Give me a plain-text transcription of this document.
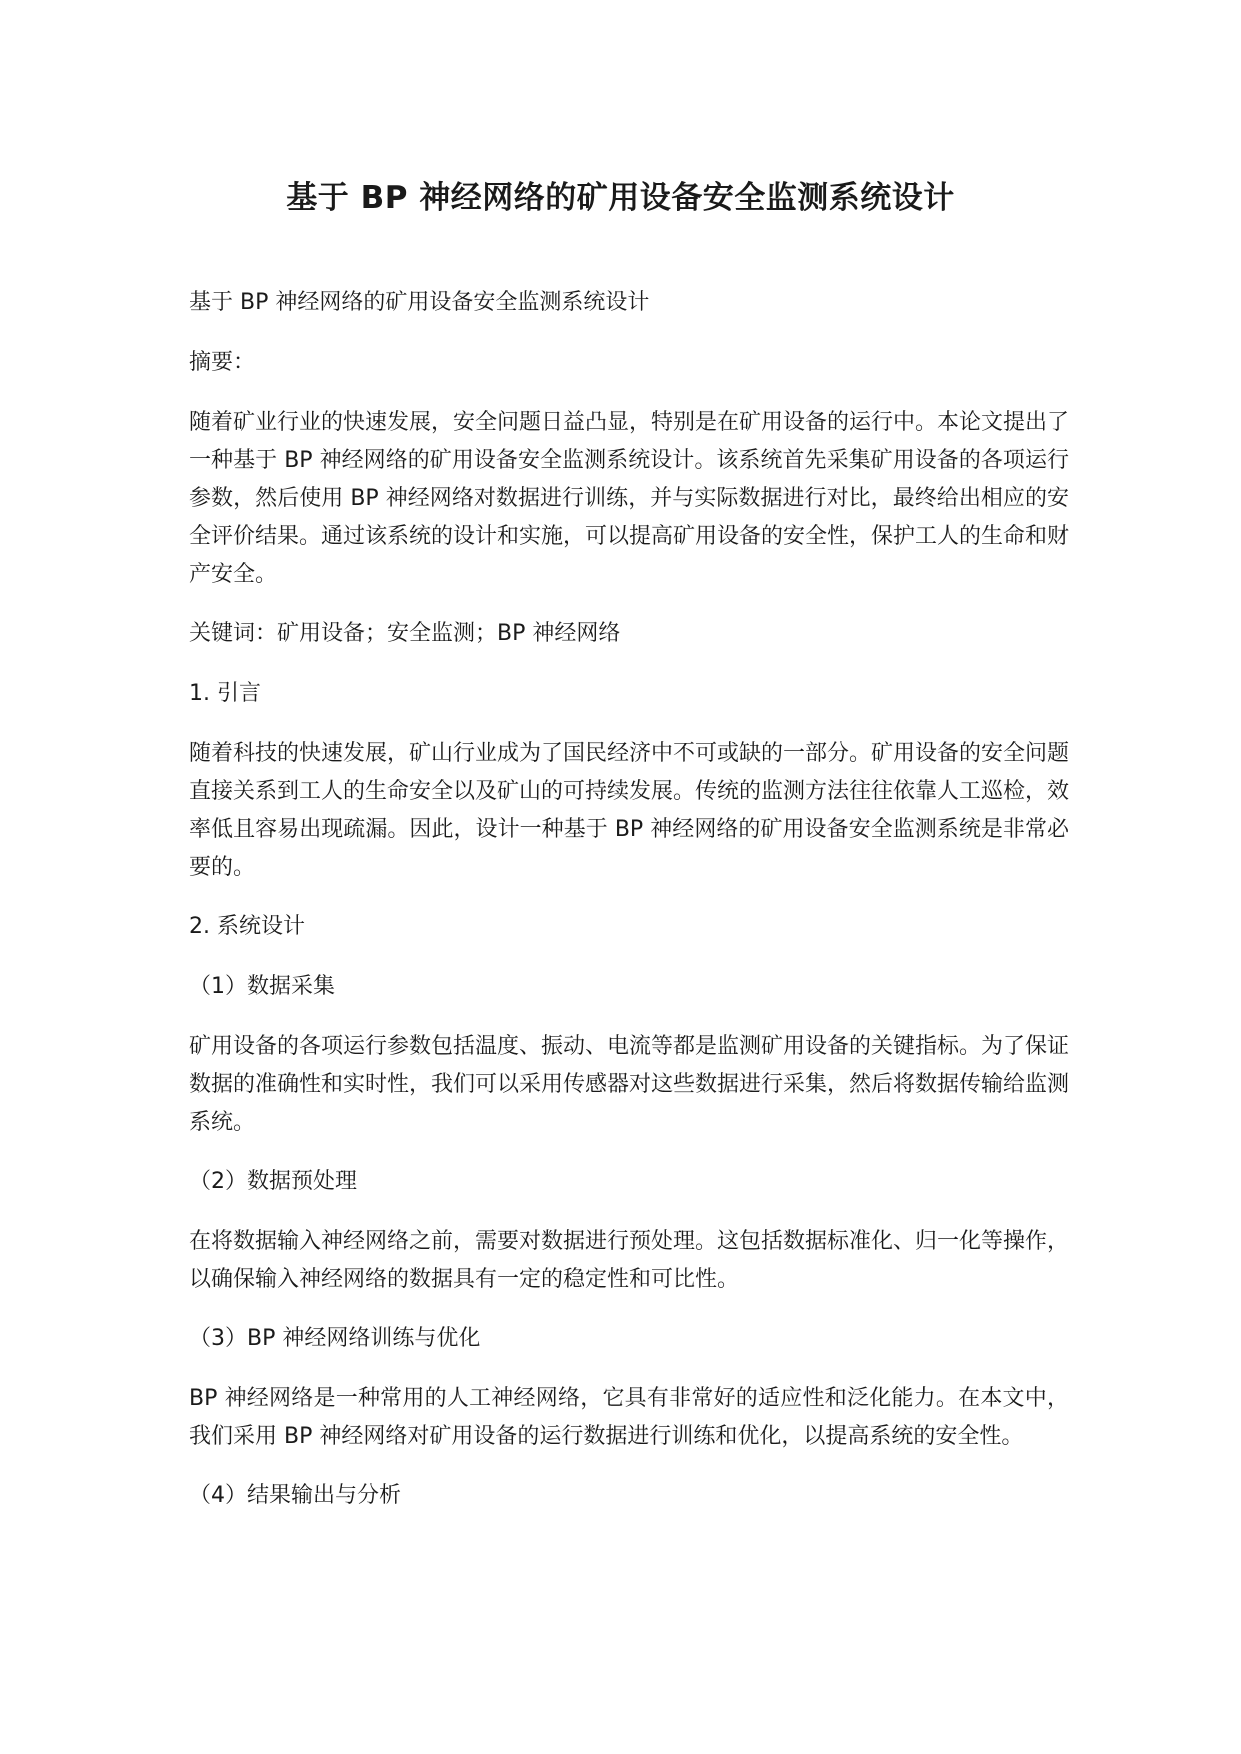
基于 BP 神经网络的矿用设备安全监测系统设计

基于 BP 神经网络的矿用设备安全监测系统设计

摘要：

随着矿业行业的快速发展，安全问题日益凸显，特别是在矿用设备的运行中。本论文提出了一种基于 BP 神经网络的矿用设备安全监测系统设计。该系统首先采集矿用设备的各项运行参数，然后使用 BP 神经网络对数据进行训练，并与实际数据进行对比，最终给出相应的安全评价结果。通过该系统的设计和实施，可以提高矿用设备的安全性，保护工人的生命和财产安全。

关键词：矿用设备；安全监测；BP 神经网络

1. 引言

随着科技的快速发展，矿山行业成为了国民经济中不可或缺的一部分。矿用设备的安全问题直接关系到工人的生命安全以及矿山的可持续发展。传统的监测方法往往依靠人工巡检，效率低且容易出现疏漏。因此，设计一种基于 BP 神经网络的矿用设备安全监测系统是非常必要的。

2. 系统设计

（1）数据采集

矿用设备的各项运行参数包括温度、振动、电流等都是监测矿用设备的关键指标。为了保证数据的准确性和实时性，我们可以采用传感器对这些数据进行采集，然后将数据传输给监测系统。

（2）数据预处理

在将数据输入神经网络之前，需要对数据进行预处理。这包括数据标准化、归一化等操作，以确保输入神经网络的数据具有一定的稳定性和可比性。

（3）BP 神经网络训练与优化

BP 神经网络是一种常用的人工神经网络，它具有非常好的适应性和泛化能力。在本文中，我们采用 BP 神经网络对矿用设备的运行数据进行训练和优化，以提高系统的安全性。

（4）结果输出与分析
